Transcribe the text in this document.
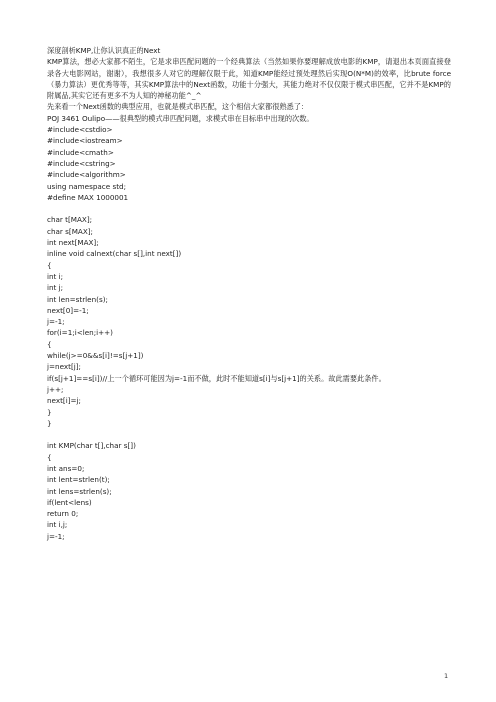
深度剖析KMP,让你认识真正的Next
KMP算法，想必大家都不陌生，它是求串匹配问题的一个经典算法（当然如果你要理解成放电影的KMP，请退出本页面直接登录各大电影网站，谢谢），我想很多人对它的理解仅限于此，知道KMP能经过预处理然后实现O(N*M)的效率，比brute force（暴力算法）更优秀等等，其实KMP算法中的Next函数，功能十分强大，其能力绝对不仅仅限于模式串匹配，它并不是KMP的附属品,其实它还有更多不为人知的神秘功能^_^
先来看一个Next函数的典型应用，也就是模式串匹配，这个相信大家都很熟悉了：
POJ 3461 Oulipo——很典型的模式串匹配问题，求模式串在目标串中出现的次数。
#include<cstdio>
#include<iostream>
#include<cmath>
#include<cstring>
#include<algorithm>
using namespace std;
#define MAX 1000001
char t[MAX];
char s[MAX];
int next[MAX];
inline void calnext(char s[],int next[])
{
int i;
int j;
int len=strlen(s);
next[0]=-1;
j=-1;
for(i=1;i<len;i++)
{
while(j>=0&&s[i]!=s[j+1])
j=next[j];
if(s[j+1]==s[i])//上一个循环可能因为j=-1而不做，此时不能知道s[i]与s[j+1]的关系。故此需要此条件。
j++;
next[i]=j;
}
}
int KMP(char t[],char s[])
{
int ans=0;
int lent=strlen(t);
int lens=strlen(s);
if(lent<lens)
return 0;
int i,j;
j=-1;
1
